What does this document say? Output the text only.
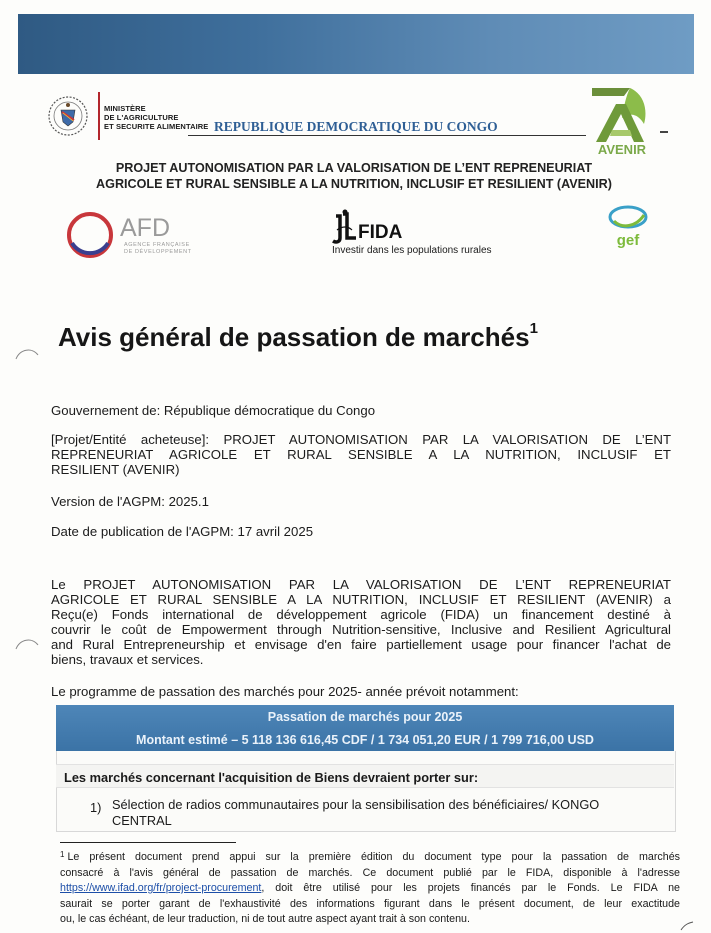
MINISTÈRE
DE L'AGRICULTURE
ET SECURITE ALIMENTAIRE REPUBLIQUE DEMOCRATIQUE DU CONGO
AVENIR
PROJET AUTONOMISATION PAR LA VALORISATION DE L’ENT REPRENEURIAT
AGRICOLE ET RURAL SENSIBLE A LA NUTRITION, INCLUSIF ET RESILIENT (AVENIR)
AFD
AGENCE FRANÇAISE
DE DÉVELOPPEMENT
FIDA
Investir dans les populations rurales
gef
Avis général de passation de marchés$^1$
Gouvernement de: République démocratique du Congo
[Projet/Entité acheteuse]: PROJET AUTONOMISATION PAR LA VALORISATION DE L’ENT
REPRENEURIAT AGRICOLE ET RURAL SENSIBLE A LA NUTRITION, INCLUSIF ET
RESILIENT (AVENIR)
Version de l'AGPM: 2025.1
Date de publication de l'AGPM: 17 avril 2025
Le PROJET AUTONOMISATION PAR LA VALORISATION DE L’ENT REPRENEURIAT
AGRICOLE ET RURAL SENSIBLE A LA NUTRITION, INCLUSIF ET RESILIENT (AVENIR) a
Reçu(e) Fonds international de développement agricole (FIDA) un financement destiné à
couvrir le coût de Empowerment through Nutrition-sensitive, Inclusive and Resilient Agricultural
and Rural Entrepreneurship et envisage d'en faire partiellement usage pour financer l'achat de
biens, travaux et services.
Le programme de passation des marchés pour 2025- année prévoit notamment:
Passation de marchés pour 2025
Montant estimé – 5 118 136 616,45 CDF / 1 734 051,20 EUR / 1 799 716,00 USD
Les marchés concernant l'acquisition de Biens devraient porter sur:
1) Sélection de radios communautaires pour la sensibilisation des bénéficiaires/ KONGO
CENTRAL
$^1$ Le présent document prend appui sur la première édition du document type pour la passation de marchés
consacré à l'avis général de passation de marchés. Ce document publié par le FIDA, disponible à l'adresse
https://www.ifad.org/fr/project-procurement, doit être utilisé pour les projets financés par le Fonds. Le FIDA ne
saurait se porter garant de l'exhaustivité des informations figurant dans le présent document, de leur exactitude
ou, le cas échéant, de leur traduction, ni de tout autre aspect ayant trait à son contenu.
